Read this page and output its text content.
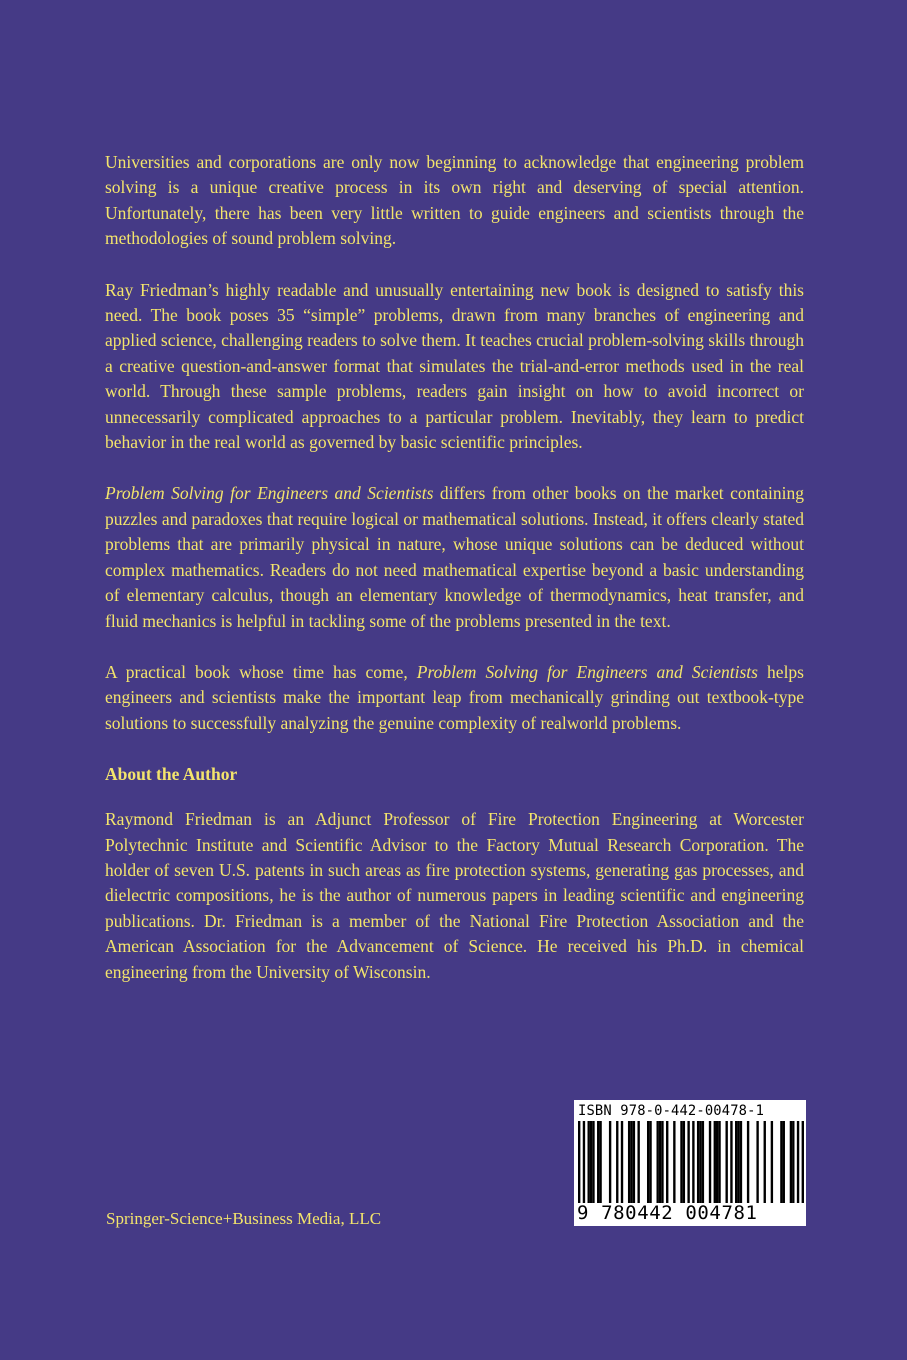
Universities and corporations are only now beginning to acknowledge that engineering problem solving is a unique creative process in its own right and deserving of special attention. Unfortunately, there has been very little written to guide engineers and scientists through the methodologies of sound problem solving.

Ray Friedman’s highly readable and unusually entertaining new book is designed to satisfy this need. The book poses 35 “simple” problems, drawn from many branches of engineering and applied science, challenging readers to solve them. It teaches crucial problem-solving skills through a creative question-and-answer format that simulates the trial-and-error methods used in the real world. Through these sample problems, readers gain insight on how to avoid incorrect or unnecessarily complicated approaches to a particular problem. Inevitably, they learn to predict behavior in the real world as governed by basic scientific principles.

Problem Solving for Engineers and Scientists differs from other books on the market containing puzzles and paradoxes that require logical or mathematical solutions. Instead, it offers clearly stated problems that are primarily physical in nature, whose unique solutions can be deduced without complex mathematics. Readers do not need mathematical expertise beyond a basic understanding of elementary calculus, though an elementary knowledge of thermodynamics, heat transfer, and fluid mechanics is helpful in tackling some of the problems presented in the text.

A practical book whose time has come, Problem Solving for Engineers and Scientists helps engineers and scientists make the important leap from mechanically grinding out textbook-type solutions to successfully analyzing the genuine complexity of realworld problems.

About the Author

Raymond Friedman is an Adjunct Professor of Fire Protection Engineering at Worcester Polytechnic Institute and Scientific Advisor to the Factory Mutual Research Corporation. The holder of seven U.S. patents in such areas as fire protection systems, generating gas processes, and dielectric compositions, he is the author of numerous papers in leading scientific and engineering publications. Dr. Friedman is a member of the National Fire Protection Association and the American Association for the Advancement of Science. He received his Ph.D. in chemical engineering from the University of Wisconsin.

Springer-Science+Business Media, LLC
ISBN 978-0-442-00478-1
9 780442 004781
